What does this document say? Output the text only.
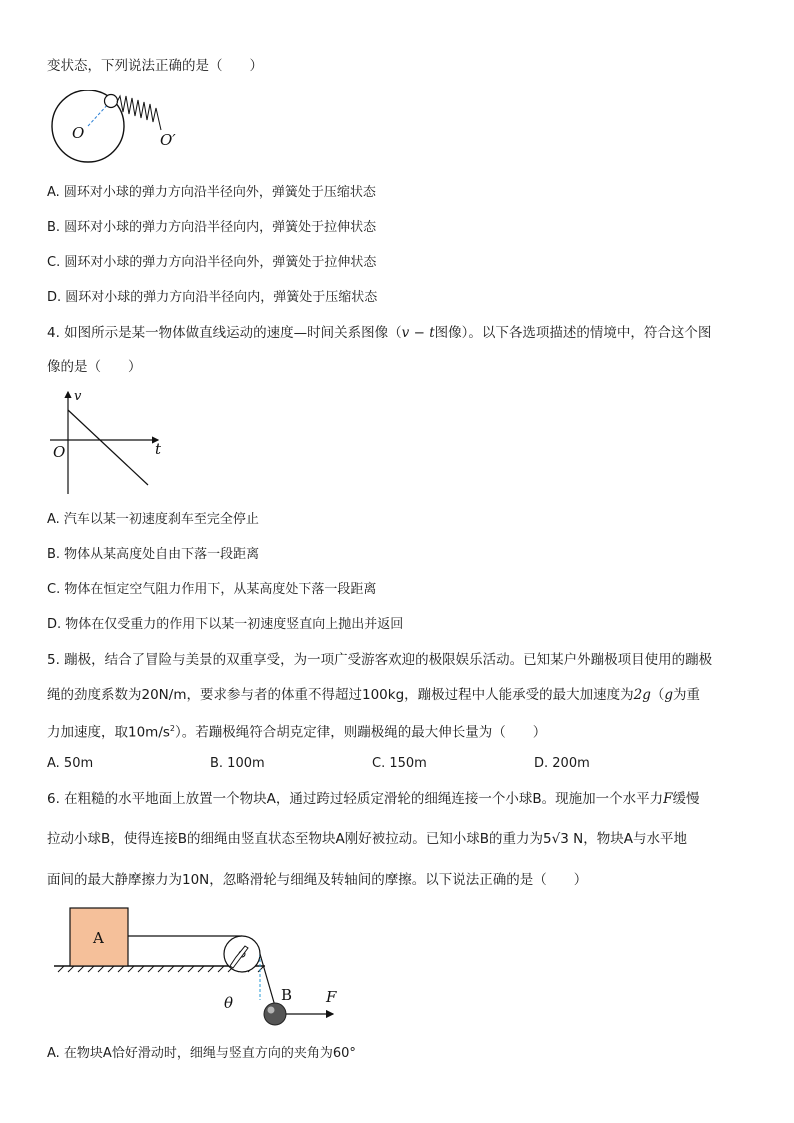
变状态，下列说法正确的是（　　）
O	O′
A. 圆环对小球的弹力方向沿半径向外，弹簧处于压缩状态
B. 圆环对小球的弹力方向沿半径向内，弹簧处于拉伸状态
C. 圆环对小球的弹力方向沿半径向外，弹簧处于拉伸状态
D. 圆环对小球的弹力方向沿半径向内，弹簧处于压缩状态
4. 如图所示是某一物体做直线运动的速度—时间关系图像（v − t图像）。以下各选项描述的情境中，符合这个图
像的是（　　）
v
t
O
A. 汽车以某一初速度刹车至完全停止
B. 物体从某高度处自由下落一段距离
C. 物体在恒定空气阻力作用下，从某高度处下落一段距离
D. 物体在仅受重力的作用下以某一初速度竖直向上抛出并返回
5. 蹦极，结合了冒险与美景的双重享受，为一项广受游客欢迎的极限娱乐活动。已知某户外蹦极项目使用的蹦极
绳的劲度系数为20N/m，要求参与者的体重不得超过100kg，蹦极过程中人能承受的最大加速度为2g（g为重
力加速度，取$10m/s^2$）。若蹦极绳符合胡克定律，则蹦极绳的最大伸长量为（　　）
A. 50m	B. 100m	C. 150m	D. 200m
6. 在粗糙的水平地面上放置一个物块A，通过跨过轻质定滑轮的细绳连接一个小球B。现施加一个水平力F缓慢
拉动小球B，使得连接B的细绳由竖直状态至物块A刚好被拉动。已知小球B的重力为5√3 N，物块A与水平地
面间的最大静摩擦力为10N，忽略滑轮与细绳及转轴间的摩擦。以下说法正确的是（　　）
A
B F
θ
A. 在物块A恰好滑动时，细绳与竖直方向的夹角为60°
